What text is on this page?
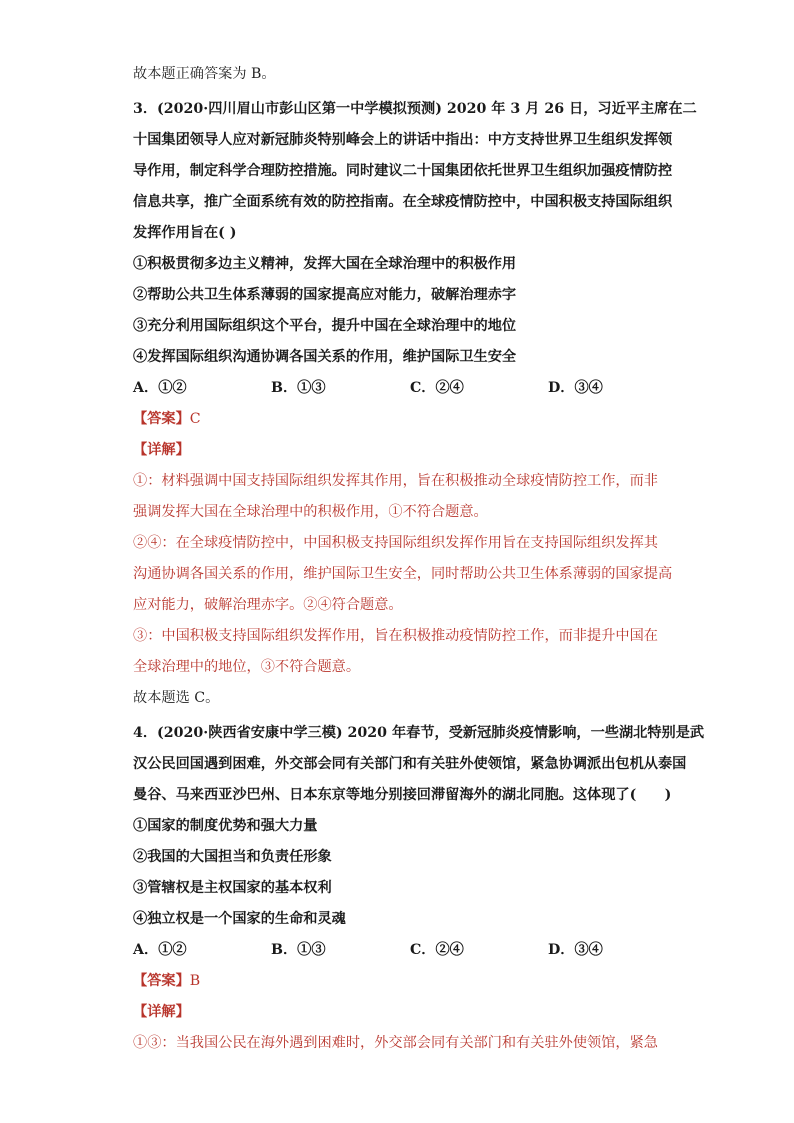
故本题正确答案为 B。
3．(2020·四川眉山市彭山区第一中学模拟预测) 2020 年 3 月 26 日，习近平主席在二
十国集团领导人应对新冠肺炎特别峰会上的讲话中指出：中方支持世界卫生组织发挥领
导作用，制定科学合理防控措施。同时建议二十国集团依托世界卫生组织加强疫情防控
信息共享，推广全面系统有效的防控指南。在全球疫情防控中，中国积极支持国际组织
发挥作用旨在( )
①积极贯彻多边主义精神，发挥大国在全球治理中的积极作用
②帮助公共卫生体系薄弱的国家提高应对能力，破解治理赤字
③充分利用国际组织这个平台，提升中国在全球治理中的地位
④发挥国际组织沟通协调各国关系的作用，维护国际卫生安全
A．①②	B．①③	C．②④	D．③④
【答案】C
【详解】
①：材料强调中国支持国际组织发挥其作用，旨在积极推动全球疫情防控工作，而非
强调发挥大国在全球治理中的积极作用，①不符合题意。
②④：在全球疫情防控中，中国积极支持国际组织发挥作用旨在支持国际组织发挥其
沟通协调各国关系的作用，维护国际卫生安全，同时帮助公共卫生体系薄弱的国家提高
应对能力，破解治理赤字。②④符合题意。
③：中国积极支持国际组织发挥作用，旨在积极推动疫情防控工作，而非提升中国在
全球治理中的地位，③不符合题意。
故本题选 C。
4．(2020·陕西省安康中学三模) 2020 年春节，受新冠肺炎疫情影响，一些湖北特别是武
汉公民回国遇到困难，外交部会同有关部门和有关驻外使领馆，紧急协调派出包机从泰国
曼谷、马来西亚沙巴州、日本东京等地分别接回滞留海外的湖北同胞。这体现了(　　)
①国家的制度优势和强大力量
②我国的大国担当和负责任形象
③管辖权是主权国家的基本权利
④独立权是一个国家的生命和灵魂
A．①②	B．①③	C．②④	D．③④
【答案】B
【详解】
①③：当我国公民在海外遇到困难时，外交部会同有关部门和有关驻外使领馆，紧急
